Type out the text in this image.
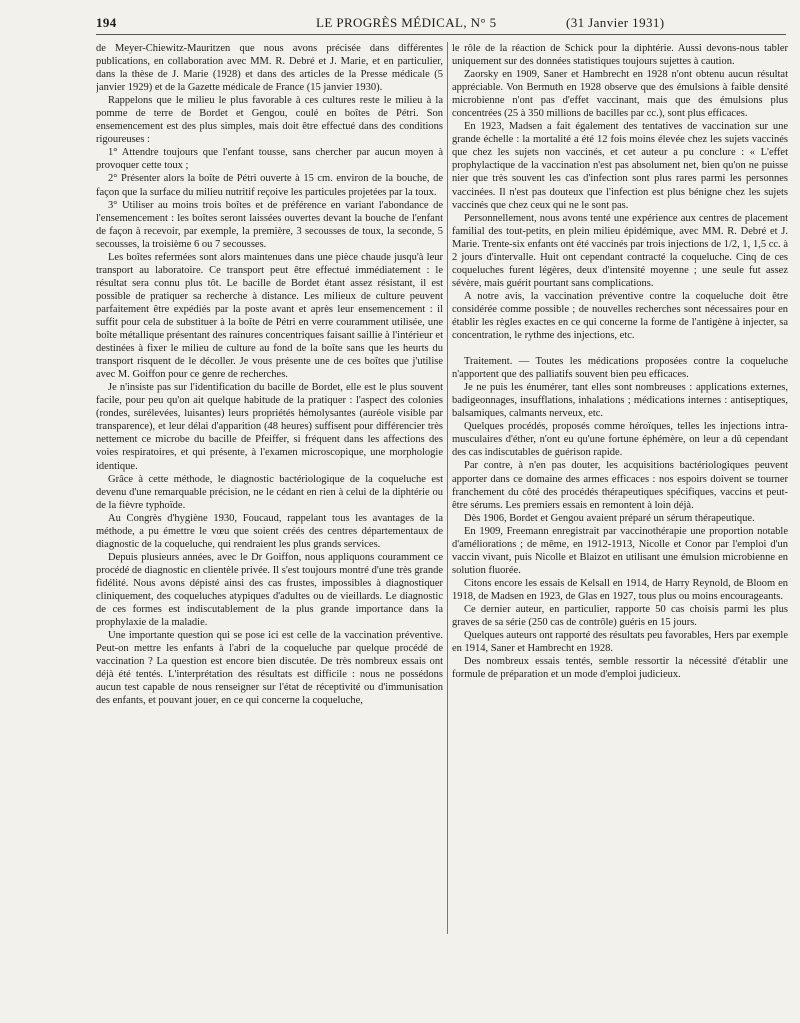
194	LE PROGRÈS MÉDICAL, N° 5	(31 Janvier 1931)

de Meyer-Chiewitz-Mauritzen que nous avons précisée dans différentes publications, en collaboration avec MM. R. Debré et J. Marie, et en particulier, dans la thèse de J. Marie (1928) et dans des articles de la Presse médicale (5 janvier 1929) et de la Gazette médicale de France (15 janvier 1930).

Rappelons que le milieu le plus favorable à ces cultures reste le milieu à la pomme de terre de Bordet et Gengou, coulé en boîtes de Pétri. Son ensemencement est des plus simples, mais doit être effectué dans des conditions rigoureuses :

1° Attendre toujours que l'enfant tousse, sans chercher par aucun moyen à provoquer cette toux ;

2° Présenter alors la boîte de Pétri ouverte à 15 cm. environ de la bouche, de façon que la surface du milieu nutritif reçoive les particules projetées par la toux.

3° Utiliser au moins trois boîtes et de préférence en variant l'abondance de l'ensemencement : les boîtes seront laissées ouvertes devant la bouche de l'enfant de façon à recevoir, par exemple, la première, 3 secousses de toux, la seconde, 5 secousses, la troisième 6 ou 7 secousses.

Les boîtes refermées sont alors maintenues dans une pièce chaude jusqu'à leur transport au laboratoire. Ce transport peut être effectué immédiatement : le résultat sera connu plus tôt. Le bacille de Bordet étant assez résistant, il est possible de pratiquer sa recherche à distance. Les milieux de culture peuvent parfaitement être expédiés par la poste avant et après leur ensemencement : il suffit pour cela de substituer à la boîte de Pétri en verre couramment utilisée, une boîte métallique présentant des rainures concentriques faisant saillie à l'intérieur et destinées à fixer le milieu de culture au fond de la boîte sans que les heurts du transport risquent de le décoller. Je vous présente une de ces boîtes que j'utilise avec M. Goiffon pour ce genre de recherches.

Je n'insiste pas sur l'identification du bacille de Bordet, elle est le plus souvent facile, pour peu qu'on ait quelque habitude de la pratiquer : l'aspect des colonies (rondes, surélevées, luisantes) leurs propriétés hémolysantes (auréole visible par transparence), et leur délai d'apparition (48 heures) suffisent pour différencier très nettement ce microbe du bacille de Pfeiffer, si fréquent dans les affections des voies respiratoires, et qui présente, à l'examen microscopique, une morphologie identique.

Grâce à cette méthode, le diagnostic bactériologique de la coqueluche est devenu d'une remarquable précision, ne le cédant en rien à celui de la diphtérie ou de la fièvre typhoïde.

Au Congrès d'hygiène 1930, Foucaud, rappelant tous les avantages de la méthode, a pu émettre le vœu que soient créés des centres départementaux de diagnostic de la coqueluche, qui rendraient les plus grands services.

Depuis plusieurs années, avec le Dr Goiffon, nous appliquons couramment ce procédé de diagnostic en clientèle privée. Il s'est toujours montré d'une très grande fidélité. Nous avons dépisté ainsi des cas frustes, impossibles à diagnostiquer cliniquement, des coqueluches atypiques d'adultes ou de vieillards. Le diagnostic de ces formes est indiscutablement de la plus grande importance dans la prophylaxie de la maladie.

Une importante question qui se pose ici est celle de la vaccination préventive. Peut-on mettre les enfants à l'abri de la coqueluche par quelque procédé de vaccination ? La question est encore bien discutée. De très nombreux essais ont déjà été tentés. L'interprétation des résultats est difficile : nous ne possédons aucun test capable de nous renseigner sur l'état de réceptivité ou d'immunisation des enfants, et pouvant jouer, en ce qui concerne la coqueluche,

le rôle de la réaction de Schick pour la diphtérie. Aussi devons-nous tabler uniquement sur des données statistiques toujours sujettes à caution.

Zaorsky en 1909, Saner et Hambrecht en 1928 n'ont obtenu aucun résultat appréciable. Von Bermuth en 1928 observe que des émulsions à faible densité microbienne n'ont pas d'effet vaccinant, mais que des émulsions plus concentrées (25 à 350 millions de bacilles par cc.), sont plus efficaces.

En 1923, Madsen a fait également des tentatives de vaccination sur une grande échelle : la mortalité a été 12 fois moins élevée chez les sujets vaccinés que chez les sujets non vaccinés, et cet auteur a pu conclure : « L'effet prophylactique de la vaccination n'est pas absolument net, bien qu'on ne puisse nier que très souvent les cas d'infection sont plus rares parmi les personnes vaccinées. Il n'est pas douteux que l'infection est plus bénigne chez les sujets vaccinés que chez ceux qui ne le sont pas.

Personnellement, nous avons tenté une expérience aux centres de placement familial des tout-petits, en plein milieu épidémique, avec MM. R. Debré et J. Marie. Trente-six enfants ont été vaccinés par trois injections de 1/2, 1, 1,5 cc. à 2 jours d'intervalle. Huit ont cependant contracté la coqueluche. Cinq de ces coqueluches furent légères, deux d'intensité moyenne ; une seule fut assez sévère, mais guérit pourtant sans complications.

A notre avis, la vaccination préventive contre la coqueluche doit être considérée comme possible ; de nouvelles recherches sont nécessaires pour en établir les règles exactes en ce qui concerne la forme de l'antigène à injecter, sa concentration, le rythme des injections, etc.

Traitement. — Toutes les médications proposées contre la coqueluche n'apportent que des palliatifs souvent bien peu efficaces.

Je ne puis les énumérer, tant elles sont nombreuses : applications externes, badigeonnages, insufflations, inhalations ; médications internes : antiseptiques, balsamiques, calmants nerveux, etc.

Quelques procédés, proposés comme héroïques, telles les injections intra-musculaires d'éther, n'ont eu qu'une fortune éphémère, on leur a dû cependant des cas indiscutables de guérison rapide.

Par contre, à n'en pas douter, les acquisitions bactériologiques peuvent apporter dans ce domaine des armes efficaces : nos espoirs doivent se tourner franchement du côté des procédés thérapeutiques spécifiques, vaccins et peut-être sérums. Les premiers essais en remontent à loin déjà.

Dès 1906, Bordet et Gengou avaient préparé un sérum thérapeutique.

En 1909, Freemann enregistrait par vaccinothérapie une proportion notable d'améliorations ; de même, en 1912-1913, Nicolle et Conor par l'emploi d'un vaccin vivant, puis Nicolle et Blaizot en utilisant une émulsion microbienne en solution fluorée.

Citons encore les essais de Kelsall en 1914, de Harry Reynold, de Bloom en 1918, de Madsen en 1923, de Glas en 1927, tous plus ou moins encourageants.

Ce dernier auteur, en particulier, rapporte 50 cas choisis parmi les plus graves de sa série (250 cas de contrôle) guéris en 15 jours.

Quelques auteurs ont rapporté des résultats peu favorables, Hers par exemple en 1914, Saner et Hambrecht en 1928.

Des nombreux essais tentés, semble ressortir la nécessité d'établir une formule de préparation et un mode d'emploi judicieux.
